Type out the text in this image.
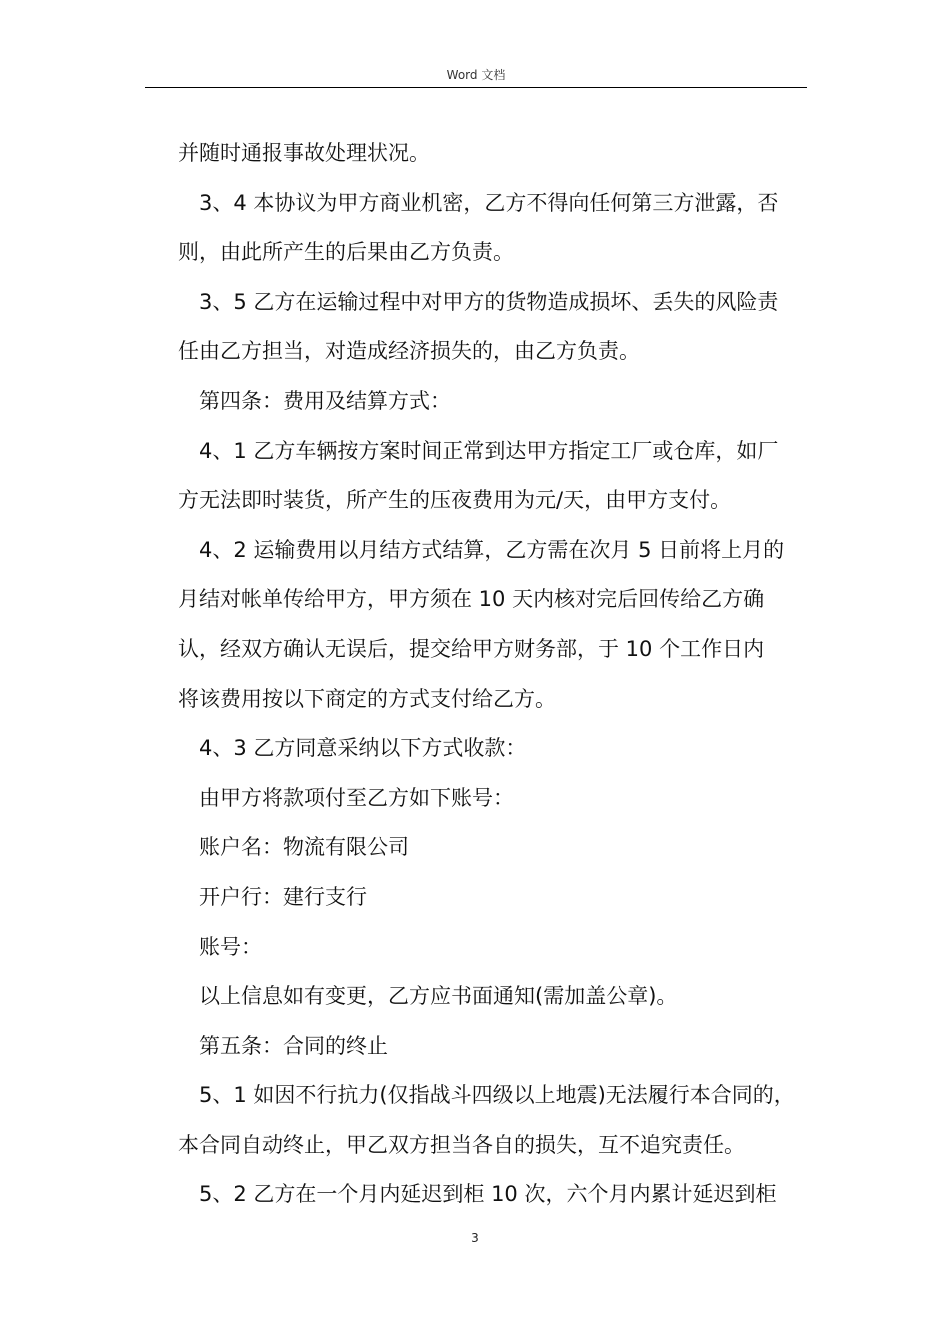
Word 文档
并随时通报事故处理状况。
3、4 本协议为甲方商业机密，乙方不得向任何第三方泄露，否
则，由此所产生的后果由乙方负责。
3、5 乙方在运输过程中对甲方的货物造成损坏、丢失的风险责
任由乙方担当，对造成经济损失的，由乙方负责。
第四条：费用及结算方式：
4、1 乙方车辆按方案时间正常到达甲方指定工厂或仓库，如厂
方无法即时装货，所产生的压夜费用为元/天，由甲方支付。
4、2 运输费用以月结方式结算，乙方需在次月 5 日前将上月的
月结对帐单传给甲方，甲方须在 10 天内核对完后回传给乙方确
认，经双方确认无误后，提交给甲方财务部，于 10 个工作日内
将该费用按以下商定的方式支付给乙方。
4、3 乙方同意采纳以下方式收款：
由甲方将款项付至乙方如下账号：
账户名：物流有限公司
开户行：建行支行
账号：
以上信息如有变更，乙方应书面通知(需加盖公章)。
第五条：合同的终止
5、1 如因不行抗力(仅指战斗四级以上地震)无法履行本合同的，
本合同自动终止，甲乙双方担当各自的损失，互不追究责任。
5、2 乙方在一个月内延迟到柜 10 次，六个月内累计延迟到柜
3
